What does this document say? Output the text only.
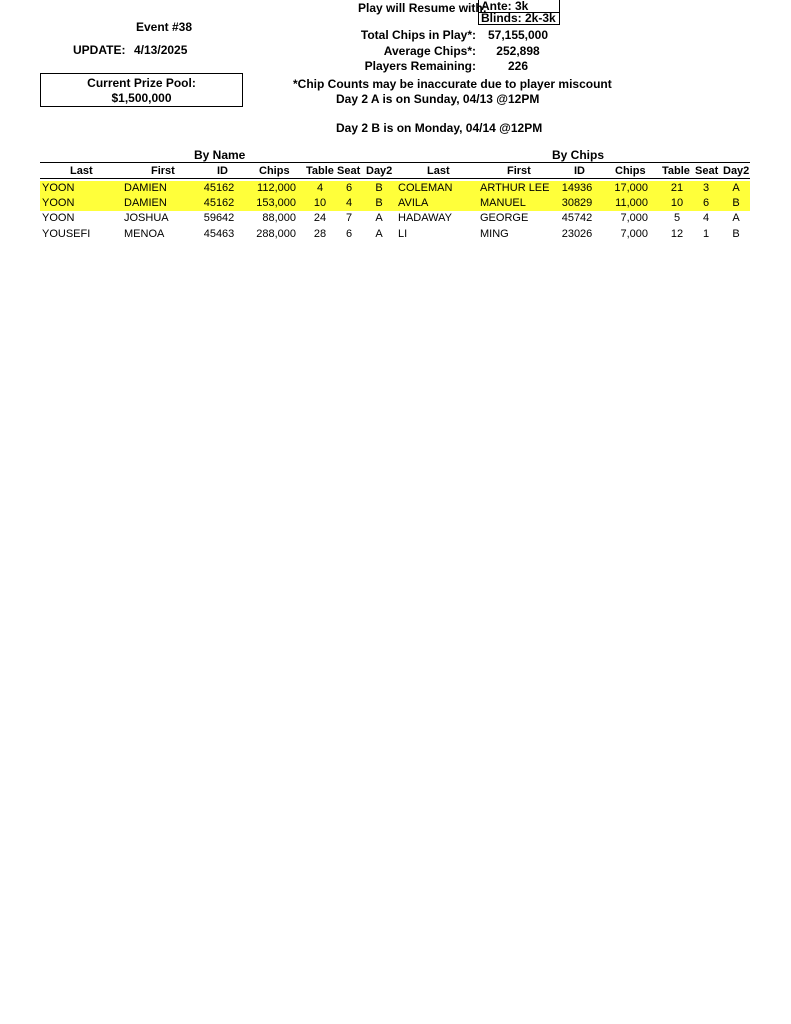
Event #38
UPDATE: 4/13/2025
Current Prize Pool:
$1,500,000
Play will Resume with:
Ante: 3k
Blinds: 2k-3k
Total Chips in Play*: 57,155,000
Average Chips*:	252,898
Players Remaining:	226
*Chip Counts may be inaccurate due to player miscount
Day 2 A is on Sunday, 04/13 @12PM
Day 2 B is on Monday, 04/14 @12PM
By Name	By Chips
Last	First	ID	Chips Table Seat Day2	Last	First	ID	Chips Table Seat Day2
YOON	DAMIEN	45162	112,000	4	6	B	COLEMAN	ARTHUR LEE	14936	17,000	21	3	A
YOON	DAMIEN	45162	153,000	10	4	B	AVILA	MANUEL	30829	11,000	10	6	B
YOON	JOSHUA	59642	88,000	24	7	A	HADAWAY	GEORGE	45742	7,000	5	4	A
YOUSEFI	MENOA	45463	288,000	28	6	A	LI	MING	23026	7,000	12	1	B
